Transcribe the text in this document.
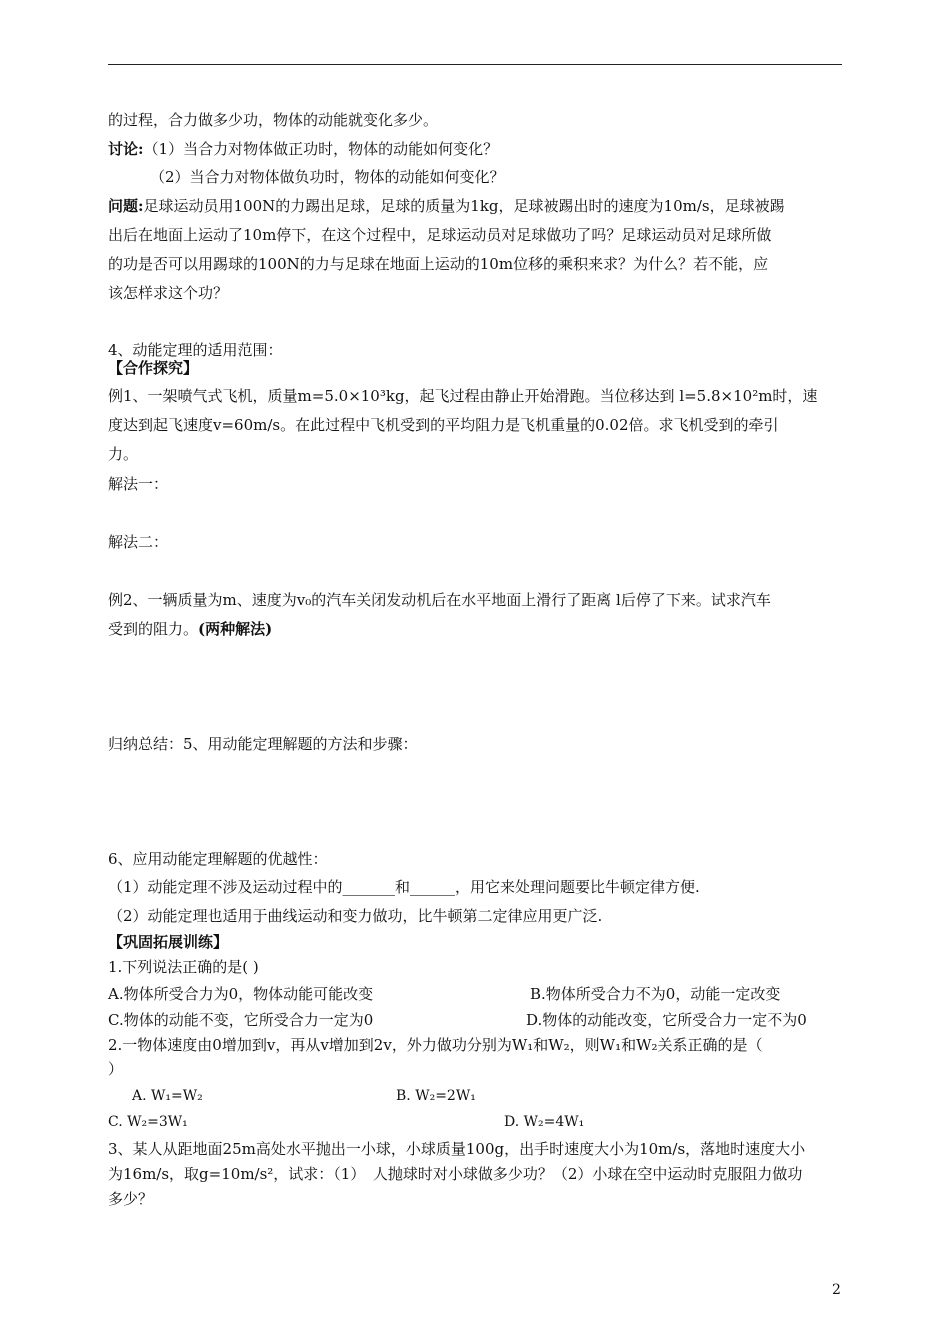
的过程，合力做多少功，物体的动能就变化多少。
讨论:（1）当合力对物体做正功时，物体的动能如何变化？
（2）当合力对物体做负功时，物体的动能如何变化？
问题:足球运动员用100N的力踢出足球，足球的质量为1kg，足球被踢出时的速度为10m/s，足球被踢
出后在地面上运动了10m停下，在这个过程中，足球运动员对足球做功了吗？足球运动员对足球所做
的功是否可以用踢球的100N的力与足球在地面上运动的10m位移的乘积来求？为什么？若不能，应
该怎样求这个功？
4、动能定理的适用范围：
【合作探究】
例1、一架喷气式飞机，质量m=5.0×10³kg，起飞过程由静止开始滑跑。当位移达到 l=5.8×10²m时，速
度达到起飞速度v=60m/s。在此过程中飞机受到的平均阻力是飞机重量的0.02倍。求飞机受到的牵引
力。
解法一：
解法二：
例2、一辆质量为m、速度为v₀的汽车关闭发动机后在水平地面上滑行了距离 l后停了下来。试求汽车
受到的阻力。(两种解法)
归纳总结：5、用动能定理解题的方法和步骤：
6、应用动能定理解题的优越性：
（1）动能定理不涉及运动过程中的_______和______，用它来处理问题要比牛顿定律方便.
（2）动能定理也适用于曲线运动和变力做功，比牛顿第二定律应用更广泛.
【巩固拓展训练】
1.下列说法正确的是( )
A.物体所受合力为0，物体动能可能改变	B.物体所受合力不为0，动能一定改变
C.物体的动能不变，它所受合力一定为0	D.物体的动能改变，它所受合力一定不为0
2.一物体速度由0增加到v，再从v增加到2v，外力做功分别为W₁和W₂，则W₁和W₂关系正确的是（
）
A. W₁=W₂	B. W₂=2W₁
C. W₂=3W₁	D. W₂=4W₁
3、某人从距地面25m高处水平抛出一小球，小球质量100g，出手时速度大小为10m/s，落地时速度大小
为16m/s，取g=10m/s²，试求：（1）　人抛球时对小球做多少功？（2）小球在空中运动时克服阻力做功
多少？
2
